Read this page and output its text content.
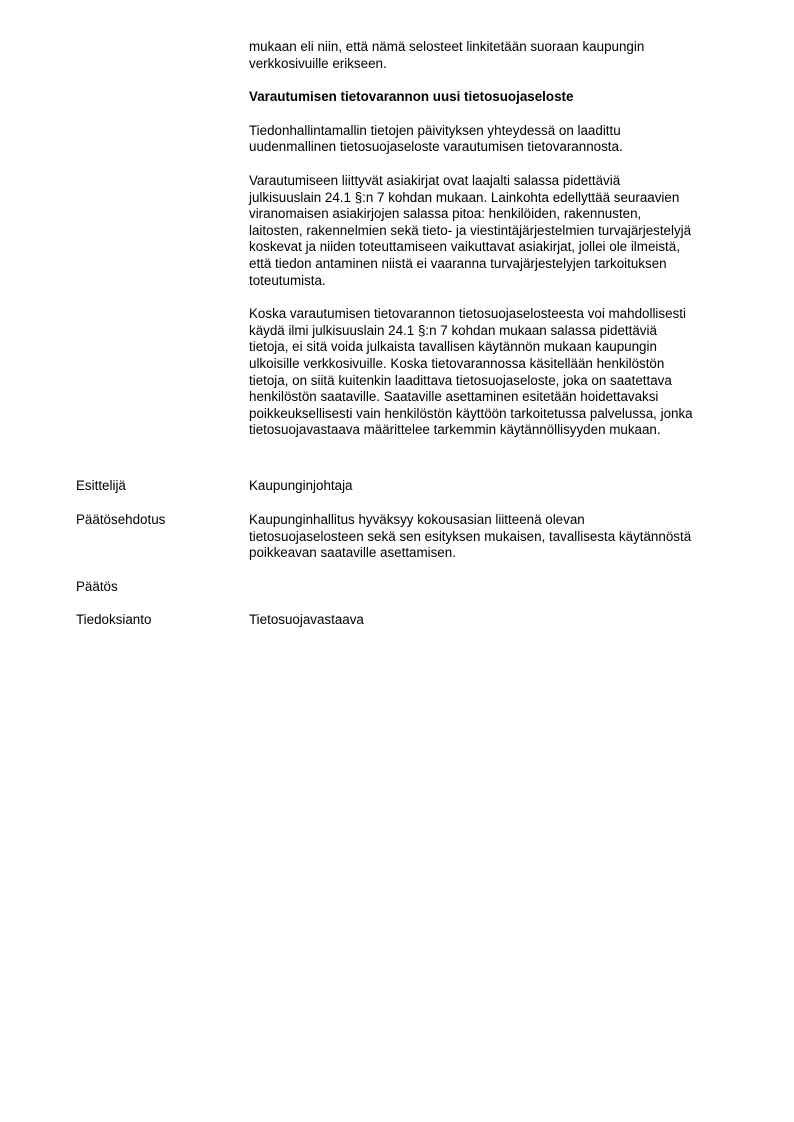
mukaan eli niin, että nämä selosteet linkitetään suoraan kaupungin
verkkosivuille erikseen.

Varautumisen tietovarannon uusi tietosuojaseloste

Tiedonhallintamallin tietojen päivityksen yhteydessä on laadittu
uudenmallinen tietosuojaseloste varautumisen tietovarannosta.

Varautumiseen liittyvät asiakirjat ovat laajalti salassa pidettäviä
julkisuuslain 24.1 §:n 7 kohdan mukaan. Lainkohta edellyttää seuraavien
viranomaisen asiakirjojen salassa pitoa: henkilöiden, rakennusten,
laitosten, rakennelmien sekä tieto- ja viestintäjärjestelmien turvajärjestelyjä
koskevat ja niiden toteuttamiseen vaikuttavat asiakirjat, jollei ole ilmeistä,
että tiedon antaminen niistä ei vaaranna turvajärjestelyjen tarkoituksen
toteutumista.

Koska varautumisen tietovarannon tietosuojaselosteesta voi mahdollisesti
käydä ilmi julkisuuslain 24.1 §:n 7 kohdan mukaan salassa pidettäviä
tietoja, ei sitä voida julkaista tavallisen käytännön mukaan kaupungin
ulkoisille verkkosivuille. Koska tietovarannossa käsitellään henkilöstön
tietoja, on siitä kuitenkin laadittava tietosuojaseloste, joka on saatettava
henkilöstön saataville. Saataville asettaminen esitetään hoidettavaksi
poikkeuksellisesti vain henkilöstön käyttöön tarkoitetussa palvelussa, jonka
tietosuojavastaava määrittelee tarkemmin käytännöllisyyden mukaan.

Esittelijä	Kaupunginjohtaja
Päätösehdotus	Kaupunginhallitus hyväksyy kokousasian liitteenä olevan
tietosuojaselosteen sekä sen esityksen mukaisen, tavallisesta käytännöstä
poikkeavan saataville asettamisen.
Päätös
Tiedoksianto	Tietosuojavastaava
